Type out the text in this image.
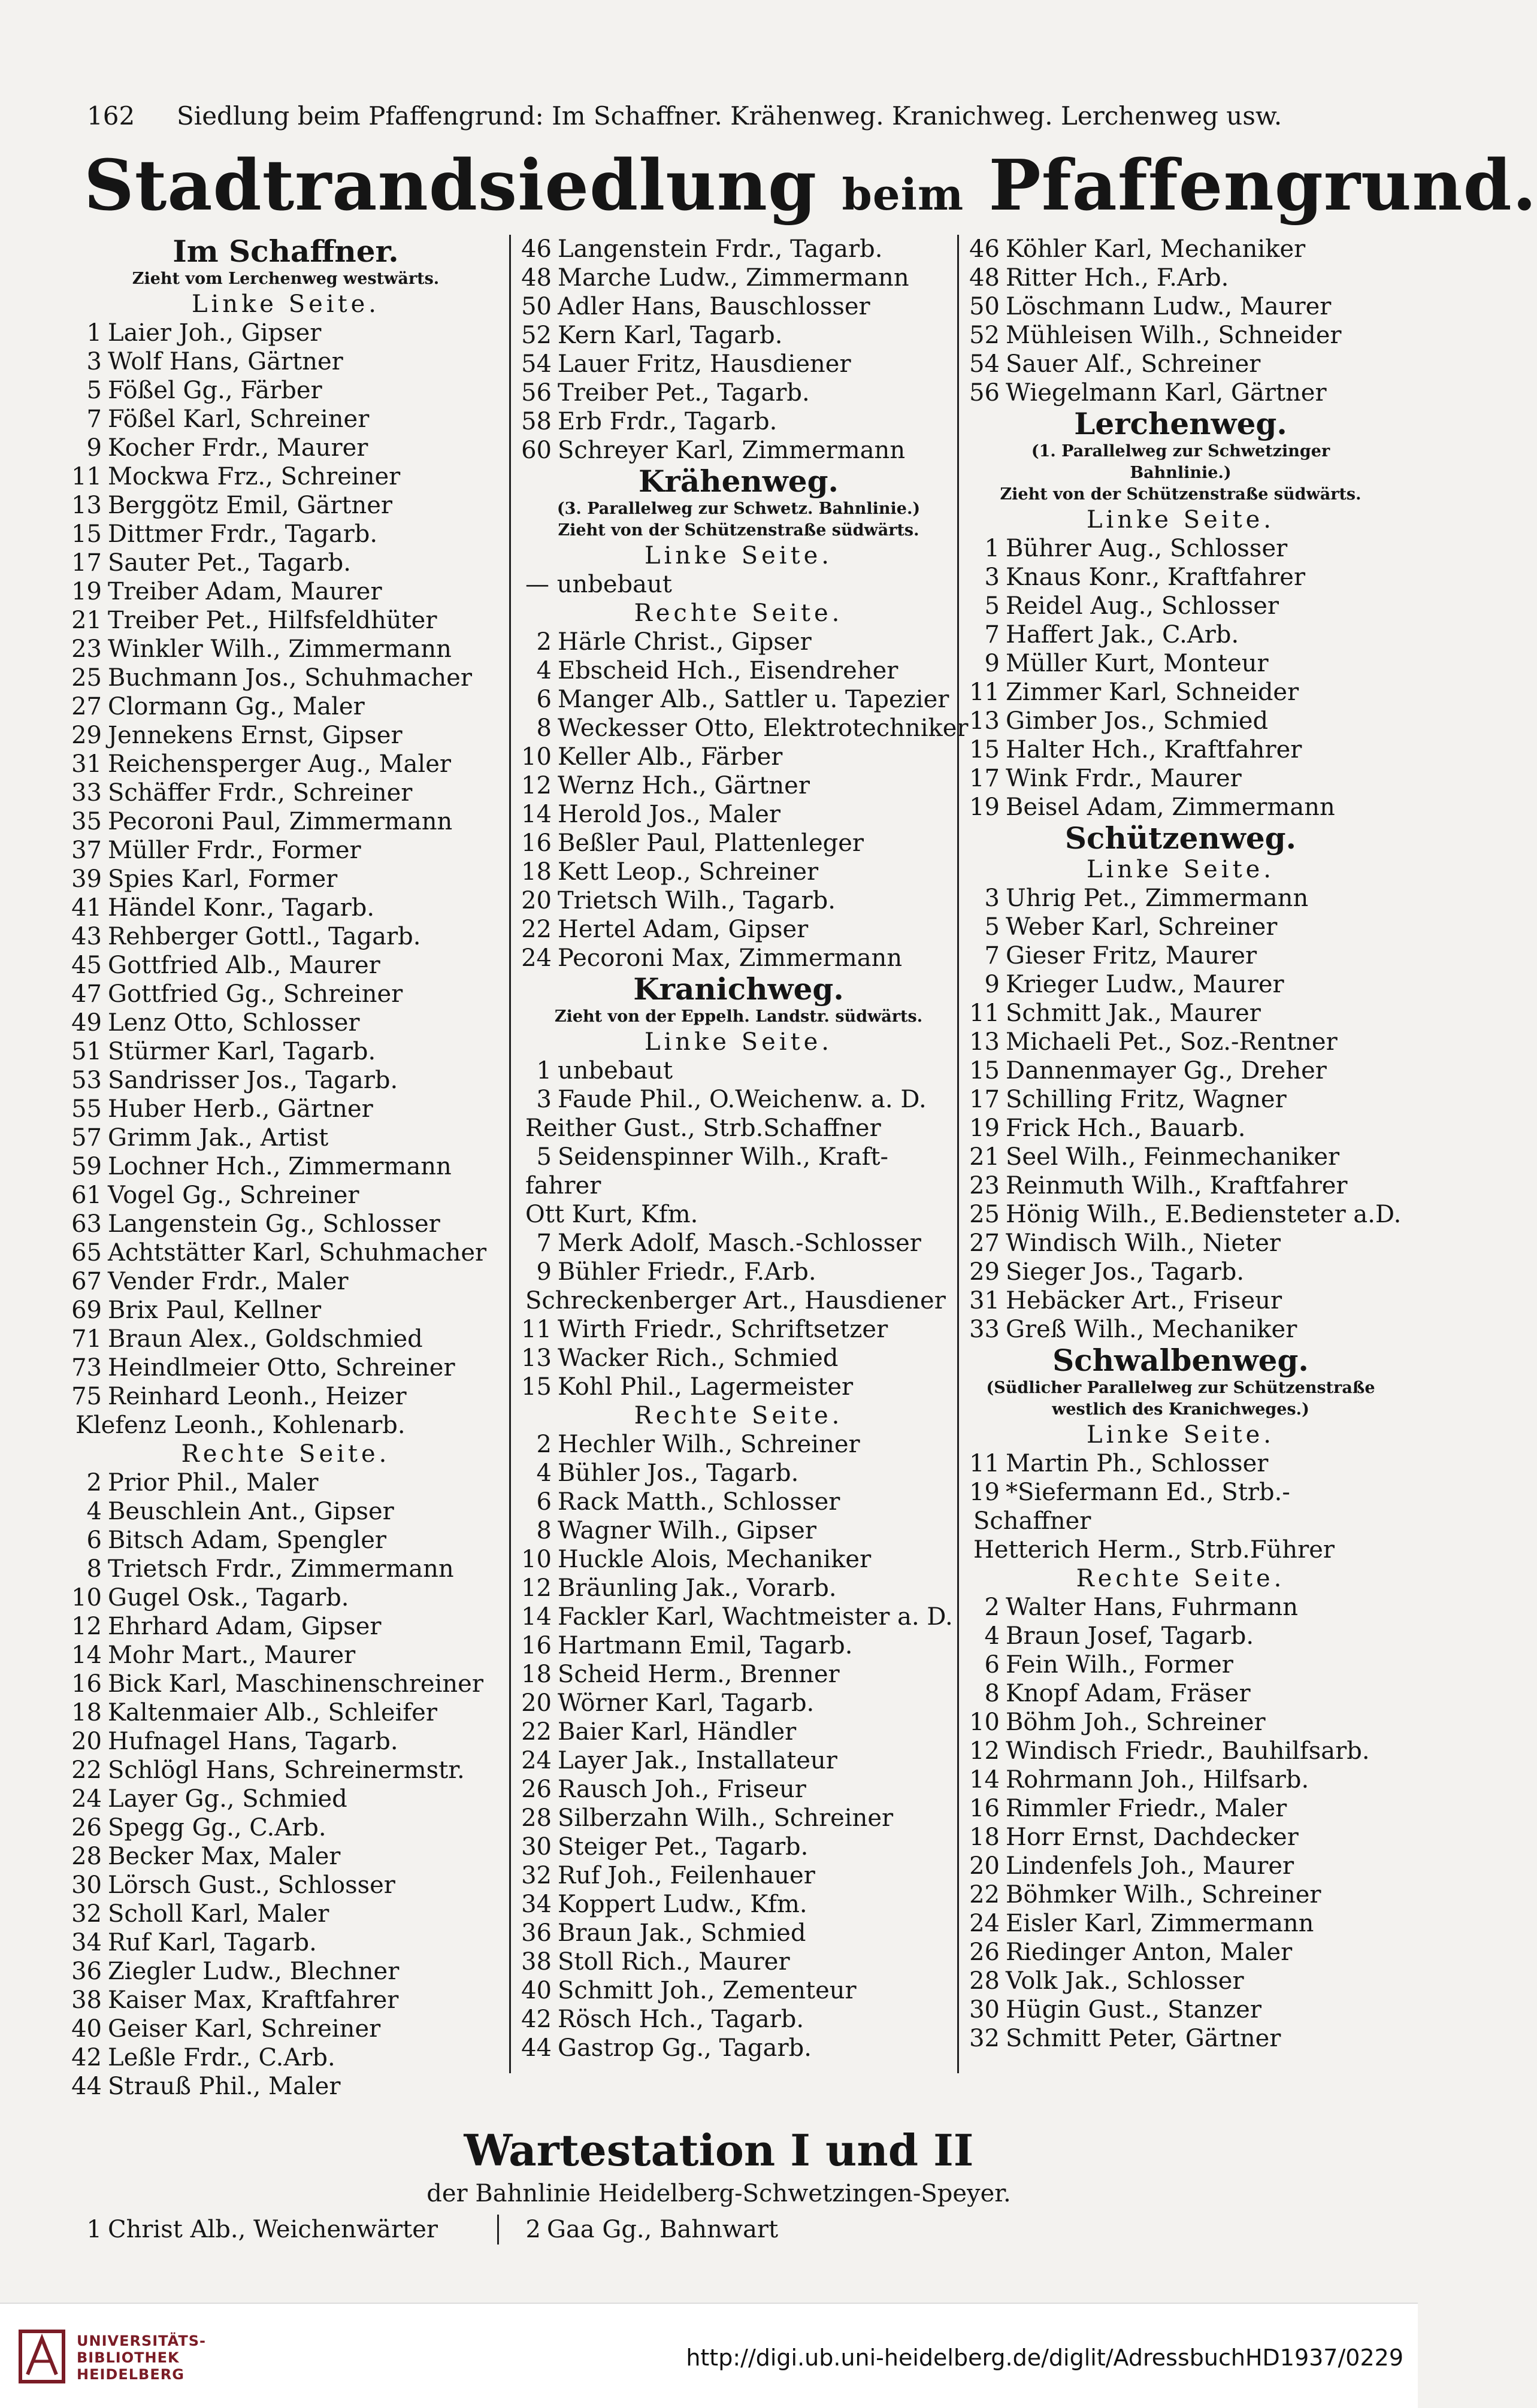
162 Siedlung beim Pfaffengrund: Im Schaffner. Krähenweg. Kranichweg. Lerchenweg usw.
Stadtrandsiedlung beim Pfaffengrund.
Im Schaffner.
Zieht vom Lerchenweg westwärts.
Linke Seite.
1 Laier Joh., Gipser
3 Wolf Hans, Gärtner
5 Fößel Gg., Färber
7 Fößel Karl, Schreiner
9 Kocher Frdr., Maurer
11 Mockwa Frz., Schreiner
13 Berggötz Emil, Gärtner
15 Dittmer Frdr., Tagarb.
17 Sauter Pet., Tagarb.
19 Treiber Adam, Maurer
21 Treiber Pet., Hilfsfeldhüter
23 Winkler Wilh., Zimmermann
25 Buchmann Jos., Schuhmacher
27 Clormann Gg., Maler
29 Jennekens Ernst, Gipser
31 Reichensperger Aug., Maler
33 Schäffer Frdr., Schreiner
35 Pecoroni Paul, Zimmermann
37 Müller Frdr., Former
39 Spies Karl, Former
41 Händel Konr., Tagarb.
43 Rehberger Gottl., Tagarb.
45 Gottfried Alb., Maurer
47 Gottfried Gg., Schreiner
49 Lenz Otto, Schlosser
51 Stürmer Karl, Tagarb.
53 Sandrisser Jos., Tagarb.
55 Huber Herb., Gärtner
57 Grimm Jak., Artist
59 Lochner Hch., Zimmermann
61 Vogel Gg., Schreiner
63 Langenstein Gg., Schlosser
65 Achtstätter Karl, Schuhmacher
67 Vender Frdr., Maler
69 Brix Paul, Kellner
71 Braun Alex., Goldschmied
73 Heindlmeier Otto, Schreiner
75 Reinhard Leonh., Heizer
Klefenz Leonh., Kohlenarb.
Rechte Seite.
2 Prior Phil., Maler
4 Beuschlein Ant., Gipser
6 Bitsch Adam, Spengler
8 Trietsch Frdr., Zimmermann
10 Gugel Osk., Tagarb.
12 Ehrhard Adam, Gipser
14 Mohr Mart., Maurer
16 Bick Karl, Maschinenschreiner
18 Kaltenmaier Alb., Schleifer
20 Hufnagel Hans, Tagarb.
22 Schlögl Hans, Schreinermstr.
24 Layer Gg., Schmied
26 Spegg Gg., C.Arb.
28 Becker Max, Maler
30 Lörsch Gust., Schlosser
32 Scholl Karl, Maler
34 Ruf Karl, Tagarb.
36 Ziegler Ludw., Blechner
38 Kaiser Max, Kraftfahrer
40 Geiser Karl, Schreiner
42 Leßle Frdr., C.Arb.
44 Strauß Phil., Maler
46 Langenstein Frdr., Tagarb.
48 Marche Ludw., Zimmermann
50 Adler Hans, Bauschlosser
52 Kern Karl, Tagarb.
54 Lauer Fritz, Hausdiener
56 Treiber Pet., Tagarb.
58 Erb Frdr., Tagarb.
60 Schreyer Karl, Zimmermann
Krähenweg.
(3. Parallelweg zur Schwetz. Bahnlinie.)
Zieht von der Schützenstraße südwärts.
Linke Seite.
— unbebaut
Rechte Seite.
2 Härle Christ., Gipser
4 Ebscheid Hch., Eisendreher
6 Manger Alb., Sattler u. Tapezier
8 Weckesser Otto, Elektrotechniker
10 Keller Alb., Färber
12 Wernz Hch., Gärtner
14 Herold Jos., Maler
16 Beßler Paul, Plattenleger
18 Kett Leop., Schreiner
20 Trietsch Wilh., Tagarb.
22 Hertel Adam, Gipser
24 Pecoroni Max, Zimmermann
Kranichweg.
Zieht von der Eppelh. Landstr. südwärts.
Linke Seite.
1 unbebaut
3 Faude Phil., O.Weichenw. a. D.
Reither Gust., Strb.Schaffner
5 Seidenspinner Wilh., Kraft-
fahrer
Ott Kurt, Kfm.
7 Merk Adolf, Masch.-Schlosser
9 Bühler Friedr., F.Arb.
Schreckenberger Art., Hausdiener
11 Wirth Friedr., Schriftsetzer
13 Wacker Rich., Schmied
15 Kohl Phil., Lagermeister
Rechte Seite.
2 Hechler Wilh., Schreiner
4 Bühler Jos., Tagarb.
6 Rack Matth., Schlosser
8 Wagner Wilh., Gipser
10 Huckle Alois, Mechaniker
12 Bräunling Jak., Vorarb.
14 Fackler Karl, Wachtmeister a. D.
16 Hartmann Emil, Tagarb.
18 Scheid Herm., Brenner
20 Wörner Karl, Tagarb.
22 Baier Karl, Händler
24 Layer Jak., Installateur
26 Rausch Joh., Friseur
28 Silberzahn Wilh., Schreiner
30 Steiger Pet., Tagarb.
32 Ruf Joh., Feilenhauer
34 Koppert Ludw., Kfm.
36 Braun Jak., Schmied
38 Stoll Rich., Maurer
40 Schmitt Joh., Zementeur
42 Rösch Hch., Tagarb.
44 Gastrop Gg., Tagarb.
46 Köhler Karl, Mechaniker
48 Ritter Hch., F.Arb.
50 Löschmann Ludw., Maurer
52 Mühleisen Wilh., Schneider
54 Sauer Alf., Schreiner
56 Wiegelmann Karl, Gärtner
Lerchenweg.
(1. Parallelweg zur Schwetzinger
Bahnlinie.)
Zieht von der Schützenstraße südwärts.
Linke Seite.
1 Bührer Aug., Schlosser
3 Knaus Konr., Kraftfahrer
5 Reidel Aug., Schlosser
7 Haffert Jak., C.Arb.
9 Müller Kurt, Monteur
11 Zimmer Karl, Schneider
13 Gimber Jos., Schmied
15 Halter Hch., Kraftfahrer
17 Wink Frdr., Maurer
19 Beisel Adam, Zimmermann
Schützenweg.
Linke Seite.
3 Uhrig Pet., Zimmermann
5 Weber Karl, Schreiner
7 Gieser Fritz, Maurer
9 Krieger Ludw., Maurer
11 Schmitt Jak., Maurer
13 Michaeli Pet., Soz.-Rentner
15 Dannenmayer Gg., Dreher
17 Schilling Fritz, Wagner
19 Frick Hch., Bauarb.
21 Seel Wilh., Feinmechaniker
23 Reinmuth Wilh., Kraftfahrer
25 Hönig Wilh., E.Bediensteter a.D.
27 Windisch Wilh., Nieter
29 Sieger Jos., Tagarb.
31 Hebäcker Art., Friseur
33 Greß Wilh., Mechaniker
Schwalbenweg.
(Südlicher Parallelweg zur Schützenstraße
westlich des Kranichweges.)
Linke Seite.
11 Martin Ph., Schlosser
19 *Siefermann Ed., Strb.-
Schaffner
Hetterich Herm., Strb.Führer
Rechte Seite.
2 Walter Hans, Fuhrmann
4 Braun Josef, Tagarb.
6 Fein Wilh., Former
8 Knopf Adam, Fräser
10 Böhm Joh., Schreiner
12 Windisch Friedr., Bauhilfsarb.
14 Rohrmann Joh., Hilfsarb.
16 Rimmler Friedr., Maler
18 Horr Ernst, Dachdecker
20 Lindenfels Joh., Maurer
22 Böhmker Wilh., Schreiner
24 Eisler Karl, Zimmermann
26 Riedinger Anton, Maler
28 Volk Jak., Schlosser
30 Hügin Gust., Stanzer
32 Schmitt Peter, Gärtner
Wartestation I und II
der Bahnlinie Heidelberg-Schwetzingen-Speyer.
1 Christ Alb., Weichenwärter	2 Gaa Gg., Bahnwart
UNIVERSITÄTS-
BIBLIOTHEK
HEIDELBERG
http://digi.ub.uni-heidelberg.de/diglit/AdressbuchHD1937/0229
